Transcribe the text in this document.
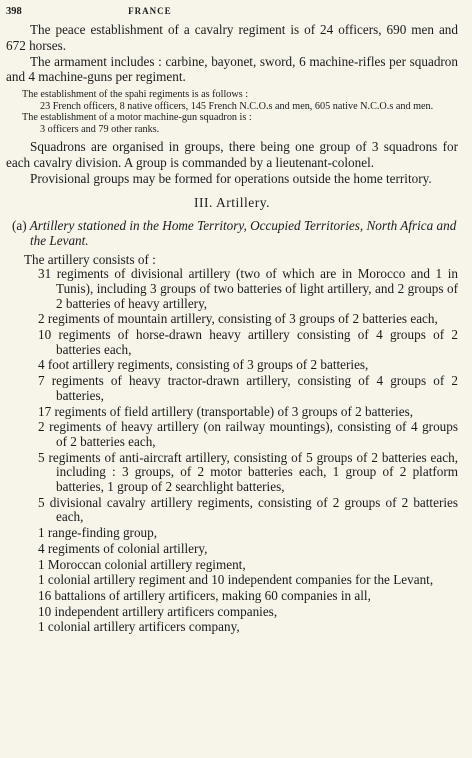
398	FRANCE

The peace establishment of a cavalry regiment is of 24 officers, 690 men and 672 horses.

The armament includes : carbine, bayonet, sword, 6 machine-rifles per squadron and 4 machine-guns per regiment.

The establishment of the spahi regiments is as follows :

23 French officers, 8 native officers, 145 French N.C.O.s and men, 605 native N.C.O.s and men.

The establishment of a motor machine-gun squadron is :

3 officers and 79 other ranks.

Squadrons are organised in groups, there being one group of 3 squadrons for each cavalry division. A group is commanded by a lieutenant-colonel.

Provisional groups may be formed for operations outside the home territory.

III. Artillery.
(a) Artillery stationed in the Home Territory, Occupied Territories, North Africa and the Levant.

The artillery consists of :

31 regiments of divisional artillery (two of which are in Morocco and 1 in Tunis), including 3 groups of two batteries of light artillery, and 2 groups of 2 batteries of heavy artillery,
2 regiments of mountain artillery, consisting of 3 groups of 2 batteries each,
10 regiments of horse-drawn heavy artillery consisting of 4 groups of 2 batteries each,
4 foot artillery regiments, consisting of 3 groups of 2 batteries,
7 regiments of heavy tractor-drawn artillery, consisting of 4 groups of 2 batteries,
17 regiments of field artillery (transportable) of 3 groups of 2 batteries,
2 regiments of heavy artillery (on railway mountings), consisting of 4 groups of 2 batteries each,
5 regiments of anti-aircraft artillery, consisting of 5 groups of 2 batteries each, including : 3 groups, of 2 motor batteries each, 1 group of 2 platform batteries, 1 group of 2 searchlight batteries,
5 divisional cavalry artillery regiments, consisting of 2 groups of 2 batteries each,
1 range-finding group,
4 regiments of colonial artillery,
1 Moroccan colonial artillery regiment,
1 colonial artillery regiment and 10 independent companies for the Levant,
16 battalions of artillery artificers, making 60 companies in all,
10 independent artillery artificers companies,
1 colonial artillery artificers company,
